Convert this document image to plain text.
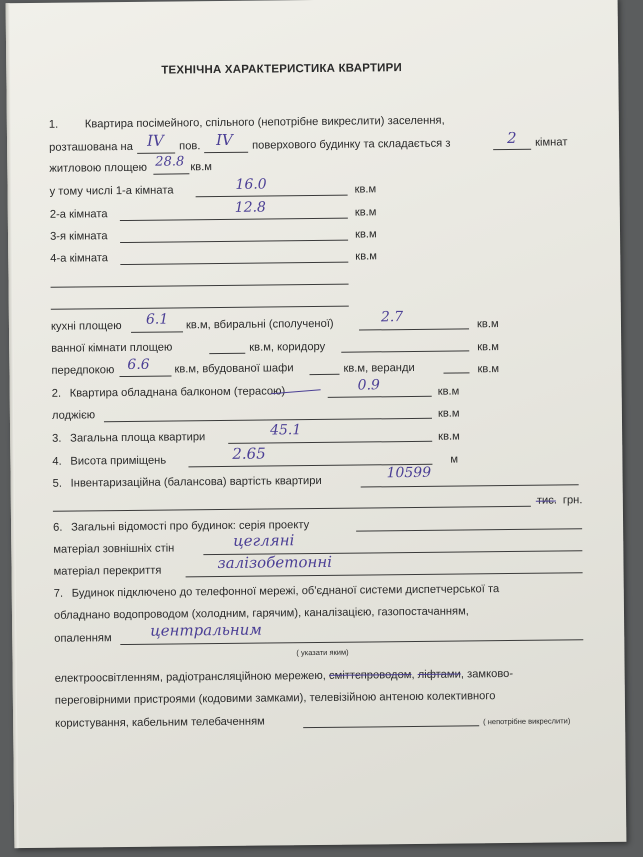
ТЕХНІЧНА ХАРАКТЕРИСТИКА КВАРТИРИ
1. Квартира посімейного, спільного (непотрібне викреслити) заселення,
розташована на IV пов. IV поверхового будинку та складається з	2 кімнат
житловою площею 28.8 кв.м
у тому числі 1-а кімната	16.0	кв.м
2-а кімната	12.8	кв.м
3-я кімната	кв.м
4-а кімната	кв.м
кухні площею 6.1 кв.м, вбиральні (сполученої)	2.7	кв.м
ванної кімнати площею	кв.м, коридору	кв.м
передпокою 6.6 кв.м, вбудованої шафи	кв.м, веранди	кв.м
2. Квартира обладнана балконом (терасою)	0.9	кв.м
лоджією	кв.м
3. Загальна площа квартири	45.1	кв.м
4. Висота приміщень	2.65	м
5. Інвентаризаційна (балансова) вартість квартири
10599
тис. грн.
6. Загальні відомості про будинок: серія проекту
матеріал зовнішніх стін	цегляні
матеріал перекриття	залізобетонні
7. Будинок підключено до телефонної мережі, об'єднаної системи диспетчерської та
обладнано водопроводом (холодним, гарячим), каналізацією, газопостачанням,
опаленням	центральним
( указати яким)
електроосвітленням, радіотрансляційною мережею, сміттєпроводом, ліфтами, замково-
переговірними пристроями (кодовими замками), телевізійною антеною колективного
користування, кабельним телебаченням	( непотрібне викреслити)
